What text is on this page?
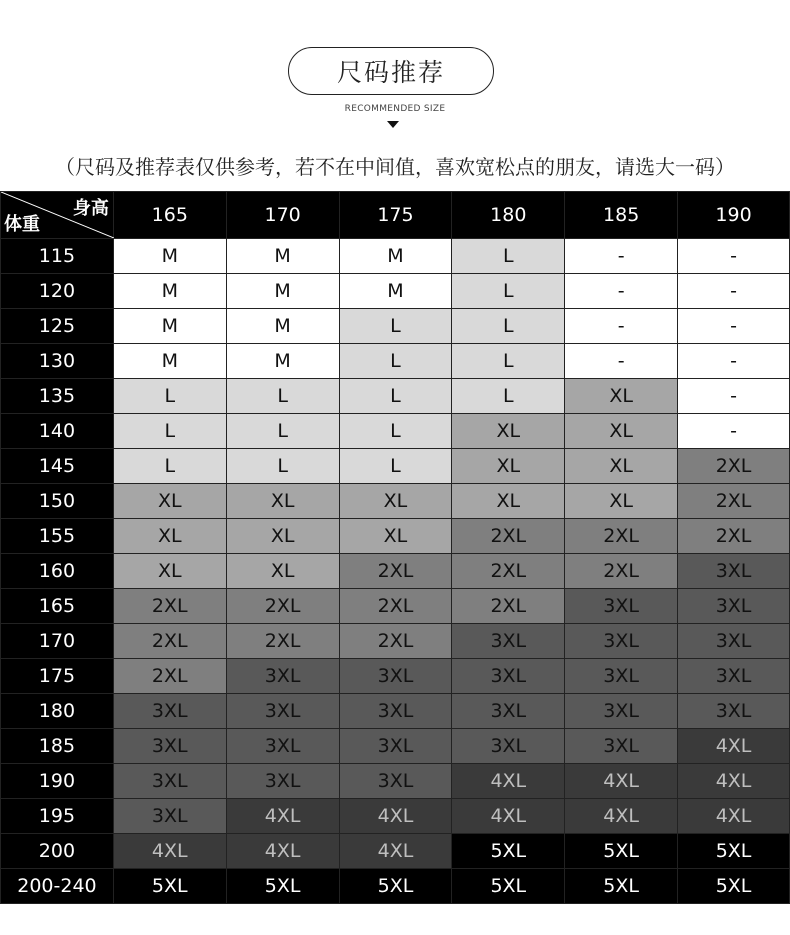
尺码推荐
RECOMMENDED SIZE
（尺码及推荐表仅供参考，若不在中间值，喜欢宽松点的朋友，请选大一码）
身高
体重	165	170	175	180	185	190
115	M	M	M	L	-	-
120	M	M	M	L	-	-
125	M	M	L	L	-	-
130	M	M	L	L	-	-
135	L	L	L	L	XL	-
140	L	L	L	XL	XL	-
145	L	L	L	XL	XL	2XL
150	XL	XL	XL	XL	XL	2XL
155	XL	XL	XL	2XL	2XL	2XL
160	XL	XL	2XL	2XL	2XL	3XL
165	2XL	2XL	2XL	2XL	3XL	3XL
170	2XL	2XL	2XL	3XL	3XL	3XL
175	2XL	3XL	3XL	3XL	3XL	3XL
180	3XL	3XL	3XL	3XL	3XL	3XL
185	3XL	3XL	3XL	3XL	3XL	4XL
190	3XL	3XL	3XL	4XL	4XL	4XL
195	3XL	4XL	4XL	4XL	4XL	4XL
200	4XL	4XL	4XL	5XL	5XL	5XL
200-240	5XL	5XL	5XL	5XL	5XL	5XL
